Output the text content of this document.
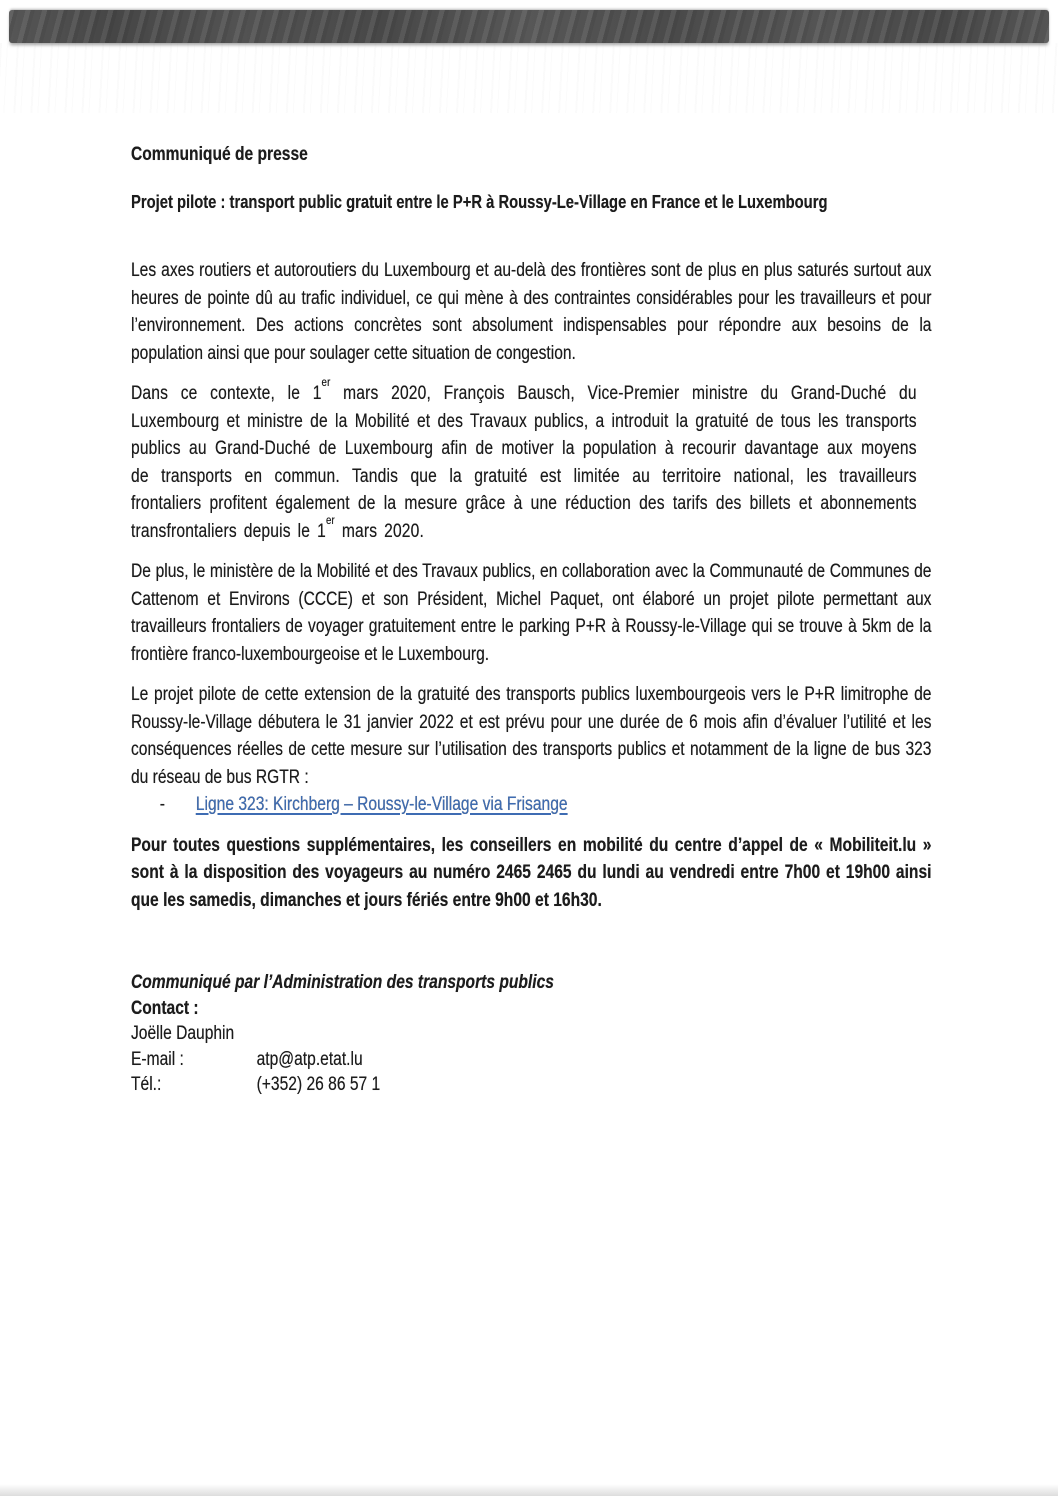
Communiqué de presse

Projet pilote : transport public gratuit entre le P+R à Roussy-Le-Village en France et le Luxembourg

Les axes routiers et autoroutiers du Luxembourg et au-delà des frontières sont de plus en plus saturés surtout aux heures de pointe dû au trafic individuel, ce qui mène à des contraintes considérables pour les travailleurs et pour l’environnement. Des actions concrètes sont absolument indispensables pour répondre aux besoins de la population ainsi que pour soulager cette situation de congestion.

Dans ce contexte, le 1er mars 2020, François Bausch, Vice-Premier ministre du Grand-Duché du Luxembourg et ministre de la Mobilité et des Travaux publics, a introduit la gratuité de tous les transports publics au Grand-Duché de Luxembourg afin de motiver la population à recourir davantage aux moyens de transports en commun. Tandis que la gratuité est limitée au territoire national, les travailleurs frontaliers profitent également de la mesure grâce à une réduction des tarifs des billets et abonnements transfrontaliers depuis le 1er mars 2020.

De plus, le ministère de la Mobilité et des Travaux publics, en collaboration avec la Communauté de Communes de Cattenom et Environs (CCCE) et son Président, Michel Paquet, ont élaboré un projet pilote permettant aux travailleurs frontaliers de voyager gratuitement entre le parking P+R à Roussy-le-Village qui se trouve à 5km de la frontière franco-luxembourgeoise et le Luxembourg.

Le projet pilote de cette extension de la gratuité des transports publics luxembourgeois vers le P+R limitrophe de Roussy-le-Village débutera le 31 janvier 2022 et est prévu pour une durée de 6 mois afin d’évaluer l’utilité et les conséquences réelles de cette mesure sur l’utilisation des transports publics et notamment de la ligne de bus 323 du réseau de bus RGTR :

-	Ligne 323: Kirchberg – Roussy-le-Village via Frisange

Pour toutes questions supplémentaires, les conseillers en mobilité du centre d’appel de « Mobiliteit.lu » sont à la disposition des voyageurs au numéro 2465 2465 du lundi au vendredi entre 7h00 et 19h00 ainsi que les samedis, dimanches et jours fériés entre 9h00 et 16h30.

Communiqué par l’Administration des transports publics

Contact :

Joëlle Dauphin

E-mail :	atp@atp.etat.lu
Tél.:	(+352) 26 86 57 1
